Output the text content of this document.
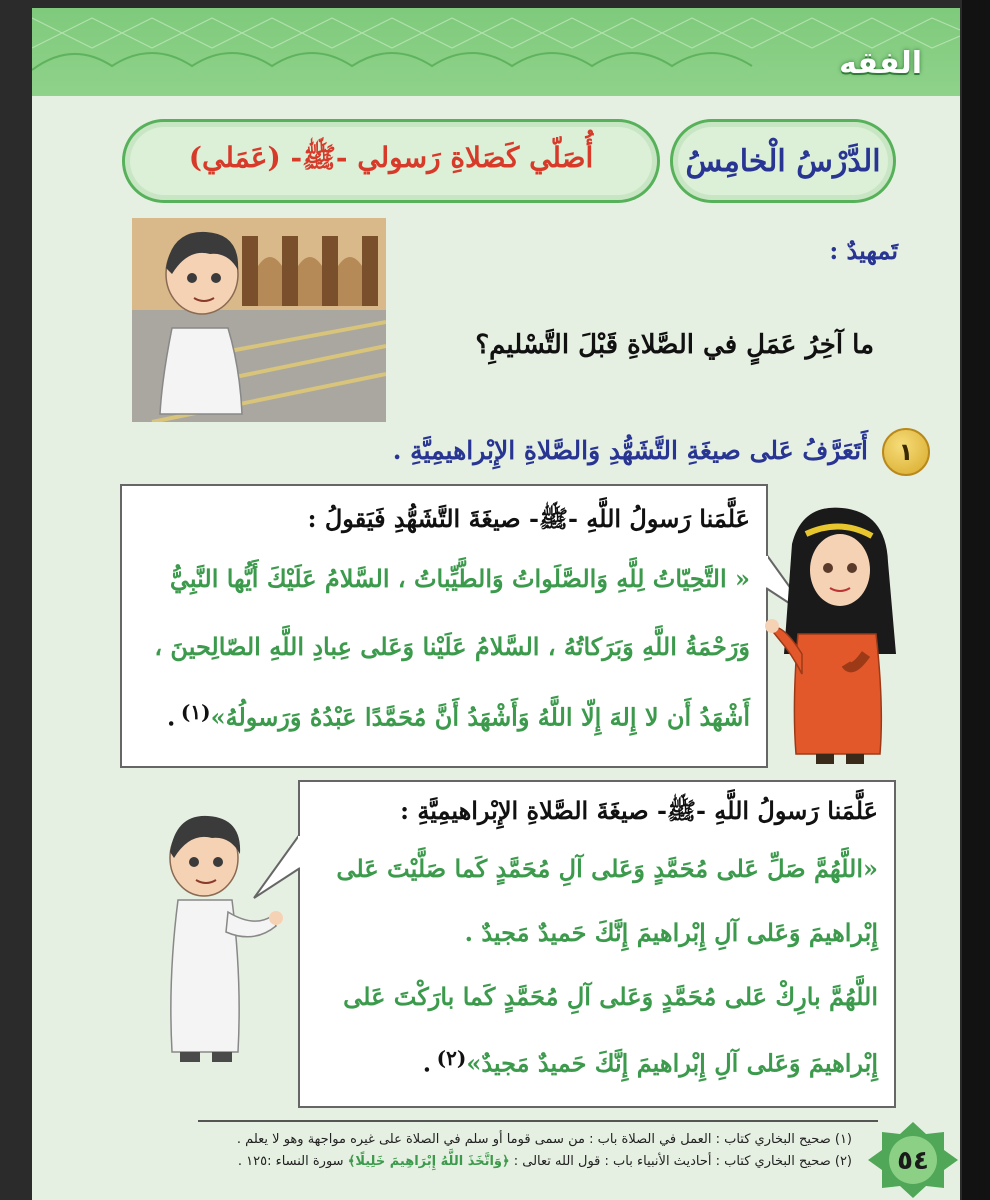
الفقه
الدَّرْسُ الْخامِسُ
أُصَلّي كَصَلاةِ رَسولي -ﷺ- (عَمَلي)
تَمهيدٌ :
ما آخِرُ عَمَلٍ في الصَّلاةِ قَبْلَ التَّسْليمِ؟
١
أَتَعَرَّفُ عَلى صيغَةِ التَّشَهُّدِ وَالصَّلاةِ الإِبْراهيمِيَّةِ .
عَلَّمَنا رَسولُ اللَّهِ -ﷺ- صيغَةَ التَّشَهُّدِ فَيَقولُ :
« التَّحِيّاتُ لِلَّهِ وَالصَّلَواتُ وَالطَّيِّباتُ ، السَّلامُ عَلَيْكَ أَيُّها النَّبِيُّ
وَرَحْمَةُ اللَّهِ وَبَرَكاتُهُ ، السَّلامُ عَلَيْنا وَعَلى عِبادِ اللَّهِ الصّالِحينَ ،
أَشْهَدُ أَن لا إِلهَ إِلّا اللَّهُ وَأَشْهَدُ أَنَّ مُحَمَّدًا عَبْدُهُ وَرَسولُهُ»$^{(١)}$ .
عَلَّمَنا رَسولُ اللَّهِ -ﷺ- صيغَةَ الصَّلاةِ الإِبْراهيمِيَّةِ :
«اللَّهُمَّ صَلِّ عَلى مُحَمَّدٍ وَعَلى آلِ مُحَمَّدٍ كَما صَلَّيْتَ عَلى
إِبْراهيمَ وَعَلى آلِ إِبْراهيمَ إِنَّكَ حَميدٌ مَجيدٌ .
اللَّهُمَّ بارِكْ عَلى مُحَمَّدٍ وَعَلى آلِ مُحَمَّدٍ كَما بارَكْتَ عَلى
إِبْراهيمَ وَعَلى آلِ إِبْراهيمَ إِنَّكَ حَميدٌ مَجيدٌ»$^{(٢)}$ .
(١) صحيح البخاري كتاب : العمل في الصلاة باب : من سمى قوما أو سلم في الصلاة على غيره مواجهة وهو لا يعلم .
(٢) صحيح البخاري كتاب : أحاديث الأنبياء باب : قول الله تعالى : ﴿وَاتَّخَذَ اللَّهُ إِبْرَاهِيمَ خَلِيلًا﴾ سورة النساء :١٢٥ .	٥٤
